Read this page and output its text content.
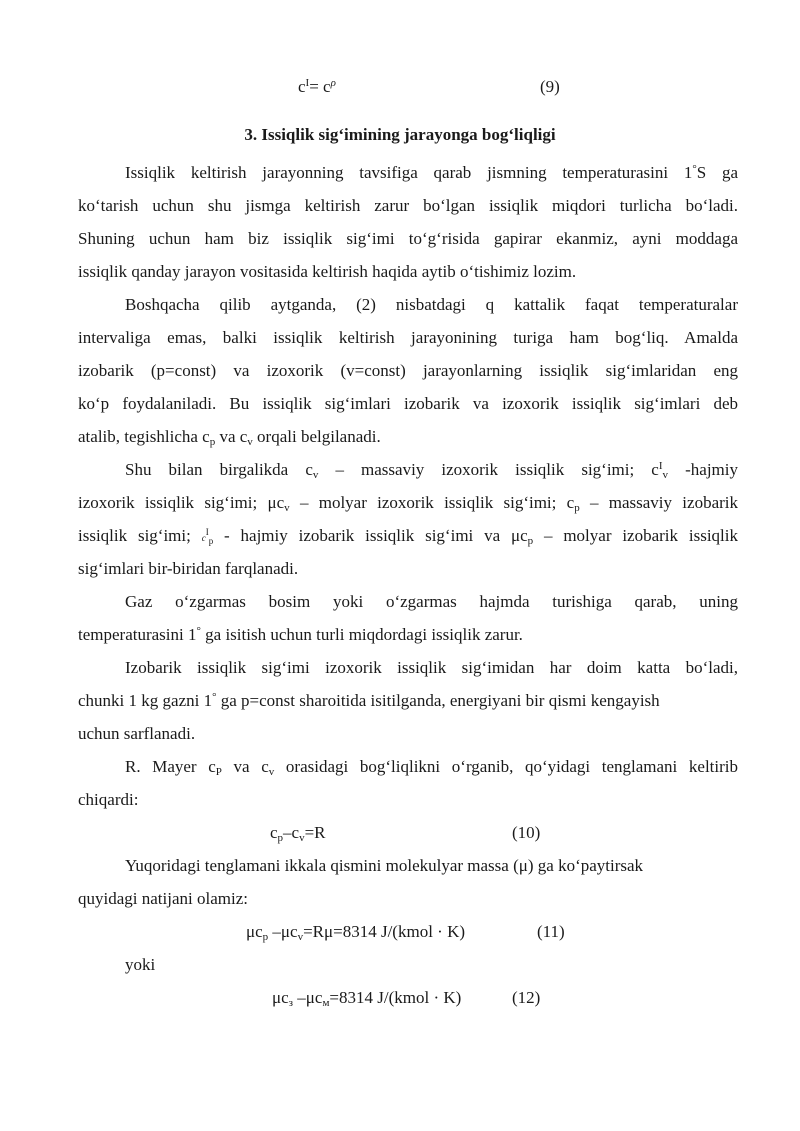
$c^I= c^\rho$	(9)
3. Issiqlik sig‘imining jarayonga bog‘liqligi
Issiqlik keltirish jarayonning tavsifiga qarab jismning temperaturasini 1°S ga
ko‘tarish uchun shu jismga keltirish zarur bo‘lgan issiqlik miqdori turlicha bo‘ladi.
Shuning uchun ham biz issiqlik sig‘imi to‘g‘risida gapirar ekanmiz, ayni moddaga
issiqlik qanday jarayon vositasida keltirish haqida aytib o‘tishimiz lozim.
Boshqacha qilib aytganda, (2) nisbatdagi q kattalik faqat temperaturalar
intervaliga emas, balki issiqlik keltirish jarayonining turiga ham bog‘liq. Amalda
izobarik (p=const) va izoxorik (v=const) jarayonlarning issiqlik sig‘imlaridan eng
ko‘p foydalaniladi. Bu issiqlik sig‘imlari izobarik va izoxorik issiqlik sig‘imlari deb
atalib, tegishlicha $c_p$ va $c_v$ orqali belgilanadi.
Shu bilan birgalikda $c_v$ – massaviy izoxorik issiqlik sig‘imi; $c^I_v$ -hajmiy
izoxorik issiqlik sig‘imi; $\mu c_v$ – molyar izoxorik issiqlik sig‘imi; $c_p$ – massaviy izobarik
issiqlik sig‘imi; $c^I_p$ - hajmiy izobarik issiqlik sig‘imi va $\mu c_p$ – molyar izobarik issiqlik
sig‘imlari bir-biridan farqlanadi.
Gaz o‘zgarmas bosim yoki o‘zgarmas hajmda turishiga qarab, uning
temperaturasini 1° ga isitish uchun turli miqdordagi issiqlik zarur.
Izobarik issiqlik sig‘imi izoxorik issiqlik sig‘imidan har doim katta bo‘ladi,
chunki 1 kg gazni 1° ga p=const sharoitida isitilganda, energiyani bir qismi kengayish
uchun sarflanadi.
R. Mayer $c_P$ va $c_v$ orasidagi bog‘liqlikni o‘rganib, qo‘yidagi tenglamani keltirib
chiqardi:
$c_p-c_v=R$	(10)
Yuqoridagi tenglamani ikkala qismini molekulyar massa (μ) ga ko‘paytirsak
quyidagi natijani olamiz:
$\mu c_p$ $-\mu c_v=R\mu=8314$ J/(kmol · K)	(11)
yoki
$\mu c_з$ $-\mu c_м=8314$ J/(kmol · K)	(12)
